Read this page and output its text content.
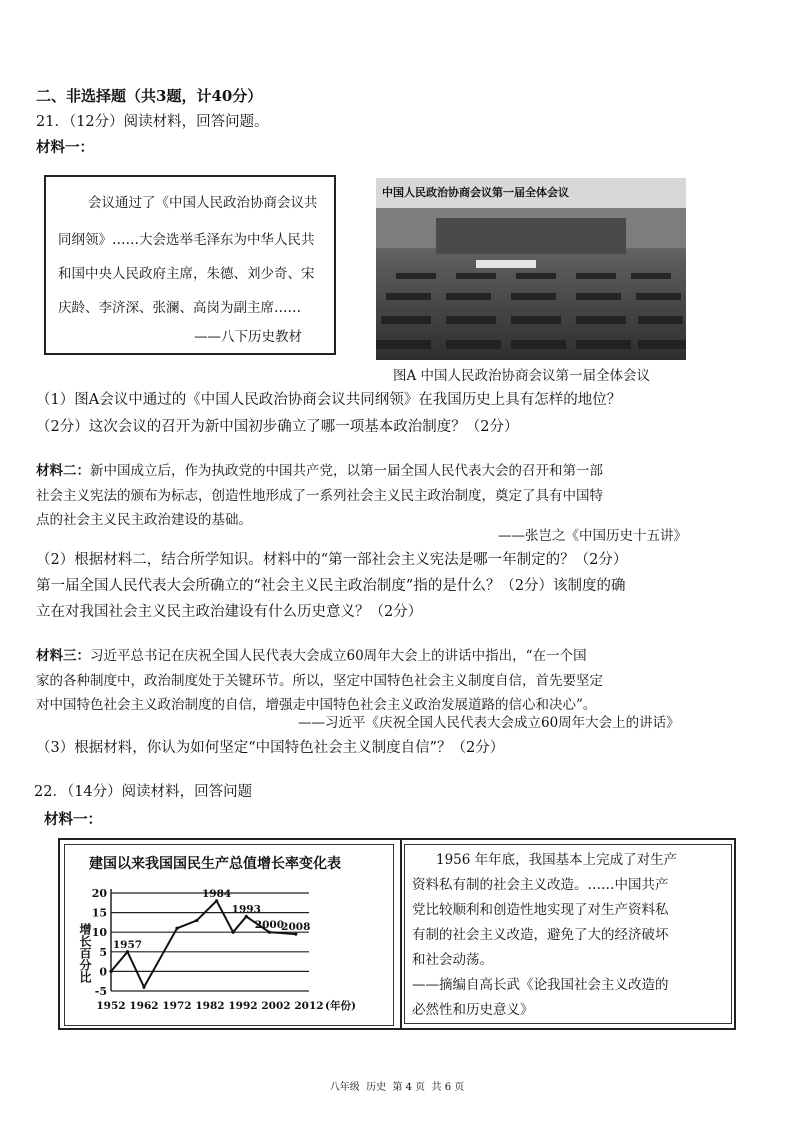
二、非选择题（共3题，计40分）
21．（12分）阅读材料，回答问题。
材料一：
会议通过了《中国人民政治协商会议共
同纲领》……大会选举毛泽东为中华人民共
和国中央人民政府主席，朱德、刘少奇、宋
庆龄、李济深、张澜、高岗为副主席……
——八下历史教材
中国人民政治协商会议第一届全体会议
图A 中国人民政治协商会议第一届全体会议
（1）图A会议中通过的《中国人民政治协商会议共同纲领》在我国历史上具有怎样的地位？
（2分）这次会议的召开为新中国初步确立了哪一项基本政治制度？（2分）
材料二：新中国成立后，作为执政党的中国共产党，以第一届全国人民代表大会的召开和第一部
社会主义宪法的颁布为标志，创造性地形成了一系列社会主义民主政治制度，奠定了具有中国特
点的社会主义民主政治建设的基础。
——张岂之《中国历史十五讲》
（2）根据材料二，结合所学知识。材料中的“第一部社会主义宪法是哪一年制定的？（2分）
第一届全国人民代表大会所确立的“社会主义民主政治制度”指的是什么？（2分）该制度的确
立在对我国社会主义民主政治建设有什么历史意义？（2分）
材料三：习近平总书记在庆祝全国人民代表大会成立60周年大会上的讲话中指出，“在一个国
家的各种制度中，政治制度处于关键环节。所以，坚定中国特色社会主义制度自信，首先要坚定
对中国特色社会主义政治制度的自信，增强走中国特色社会主义政治发展道路的信心和决心”。
——习近平《庆祝全国人民代表大会成立60周年大会上的讲话》
（3）根据材料，你认为如何坚定“中国特色社会主义制度自信”？（2分）
22．（14分）阅读材料，回答问题
材料一：
建国以来我国国民生产总值增长率变化表
20
15
10
5
0
-5
1952 1962 1972 1982 1992 2002 2012 (年份)
增长百分比 1957
1984
1993
2000
2008
1956 年年底，我国基本上完成了对生产
资料私有制的社会主义改造。……中国共产
党比较顺利和创造性地实现了对生产资料私
有制的社会主义改造，避免了大的经济破坏
和社会动荡。
——摘编自高长武《论我国社会主义改造的
必然性和历史意义》
八年级  历史  第 4 页  共 6 页
